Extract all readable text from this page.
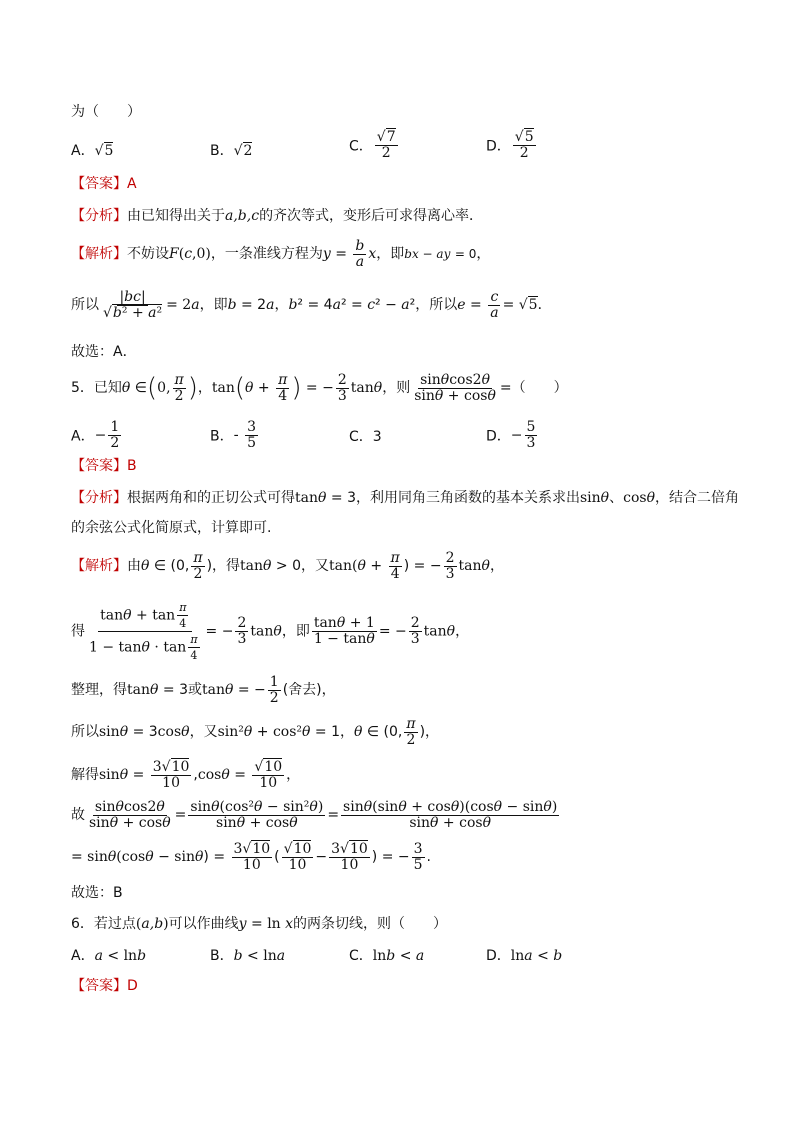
为（　　）
A．√5	B．√2	C． $\frac{√7}{2}$	D． $\frac{√5}{2}$
【答案】A
【分析】由已知得出关于a,b,c的齐次等式，变形后可求得离心率．
【解析】不妨设F(c,0)，一条准线方程为$y = \frac{b}{a}$ x，即bx − ay = 0，
所以 $\frac{|bc|}{\text{√b² + a²}} = 2a$，即b = 2a，b² = 4a² = c² − a²，所以$e = \frac{c}{a} = √5$．
故选：A．
5．已知θ ∈(0, $\frac{\pi}{2}$ )，$\tan(\theta + \frac{\pi}{4}$ ) = − $\frac{2}{3}$ tanθ，则 $\frac{\sin\theta\cos 2\theta}{\sin\theta + \cos\theta}$ =（　　）
A．− $\frac{1}{2}$	B．- $\frac{3}{5}$	C．3	D．− $\frac{5}{3}$
【答案】B
【分析】根据两角和的正切公式可得tanθ = 3，利用同角三角函数的基本关系求出sinθ、cosθ，结合二倍角
的余弦公式化简原式，计算即可.
【解析】由θ ∈ (0, $\frac{\pi}{2}$ )，得tanθ > 0，又$\tan(\theta + \frac{\pi}{4}$ ) = − $\frac{2}{3}$ tanθ，
得 $\frac{\tan\theta + \tan \frac{\pi}{4}}{1 - \tan\theta \cdot \tan \frac{\pi}{4}}$ = − $\frac{2}{3}$ tanθ，即 $\frac{\tan\theta + 1}{1 - \tan\theta}$ = − $\frac{2}{3}$ tanθ，
整理，得tanθ = 3或tanθ = − $\frac{1}{2}$ (舍去)，
所以sinθ = 3cosθ，又sin²θ + cos²θ = 1，θ ∈ (0, $\frac{\pi}{2}$ )，
解得$\sin\theta = \frac{3√10}{10} ,\cos\theta = \frac{√10}{10}$ ，
故 $\frac{\sin\theta\cos 2\theta}{\sin\theta + \cos\theta} = \frac{\text{sinθ(cos²θ − sin²θ)}}{\sin\theta + \cos\theta} = \frac{\sin\theta(\sin\theta + \cos\theta)(\cos\theta - \sin\theta)}{\sin\theta + \cos\theta}$
= $\sin\theta(\cos\theta - \sin\theta) = \frac{3√10}{10}$ ( $\frac{√10}{10} - \frac{3√10}{10}$ ) = − $\frac{3}{5}$ .
故选：B
6．若过点(a,b)可以作曲线y = ln x的两条切线，则（　　）
A．a < lnb	B．b < lna	C．lnb < a	D．lna < b
【答案】D
